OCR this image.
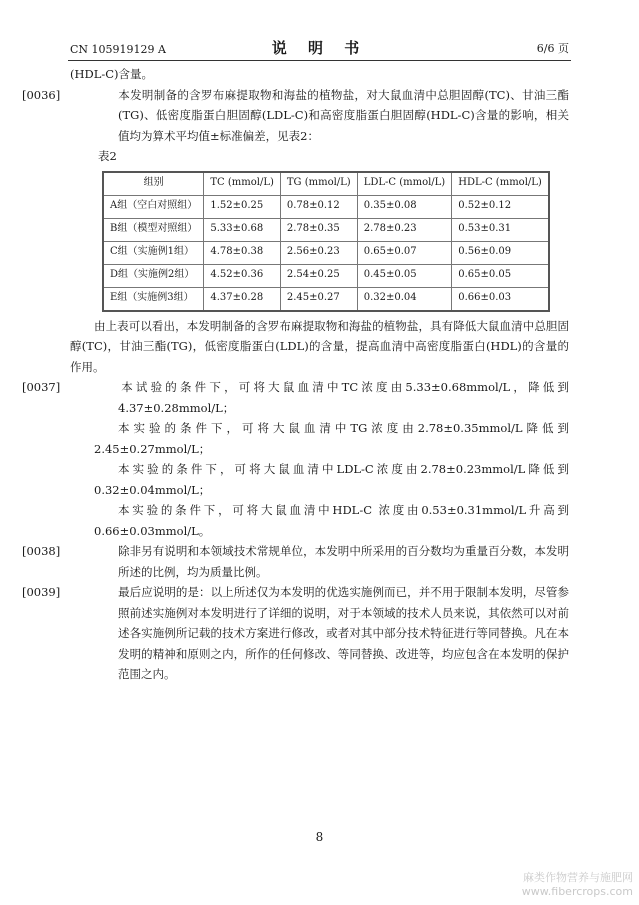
CN 105919129 A	说 明 书	6/6 页

(HDL-C)含量。

[0036]	本发明制备的含罗布麻提取物和海盐的植物盐，对大鼠血清中总胆固醇(TC)、甘油三酯(TG)、低密度脂蛋白胆固醇(LDL-C)和高密度脂蛋白胆固醇(HDL-C)含量的影响，相关值均为算术平均值±标准偏差，见表2：

表2

组别	TC (mmol/L)	TG (mmol/L)	LDL-C (mmol/L)	HDL-C (mmol/L)
A组（空白对照组）	1.52±0.25	0.78±0.12	0.35±0.08	0.52±0.12
B组（模型对照组）	5.33±0.68	2.78±0.35	2.78±0.23	0.53±0.31
C组（实施例1组）	4.78±0.38	2.56±0.23	0.65±0.07	0.56±0.09
D组（实施例2组）	4.52±0.36	2.54±0.25	0.45±0.05	0.65±0.05
E组（实施例3组）	4.37±0.28	2.45±0.27	0.32±0.04	0.66±0.03

由上表可以看出，本发明制备的含罗布麻提取物和海盐的植物盐，具有降低大鼠血清中总胆固醇(TC)，甘油三酯(TG)，低密度脂蛋白(LDL)的含量，提高血清中高密度脂蛋白(HDL)的含量的作用。

[0037]	本试验的条件下，可将大鼠血清中TC浓度由5.33±0.68mmol/L，降低到4.37±0.28mmol/L；

本实验的条件下，可将大鼠血清中TG浓度由2.78±0.35mmol/L降低到2.45±0.27mmol/L；

本实验的条件下，可将大鼠血清中LDL-C浓度由2.78±0.23mmol/L降低到0.32±0.04mmol/L；

本实验的条件下，可将大鼠血清中HDL-C 浓度由0.53±0.31mmol/L升高到0.66±0.03mmol/L。

[0038]	除非另有说明和本领域技术常规单位，本发明中所采用的百分数均为重量百分数，本发明所述的比例，均为质量比例。

[0039]	最后应说明的是：以上所述仅为本发明的优选实施例而已，并不用于限制本发明，尽管参照前述实施例对本发明进行了详细的说明，对于本领域的技术人员来说，其依然可以对前述各实施例所记载的技术方案进行修改，或者对其中部分技术特征进行等同替换。凡在本发明的精神和原则之内，所作的任何修改、等同替换、改进等，均应包含在本发明的保护范围之内。

8
麻类作物营养与施肥网
www.fibercrops.com
